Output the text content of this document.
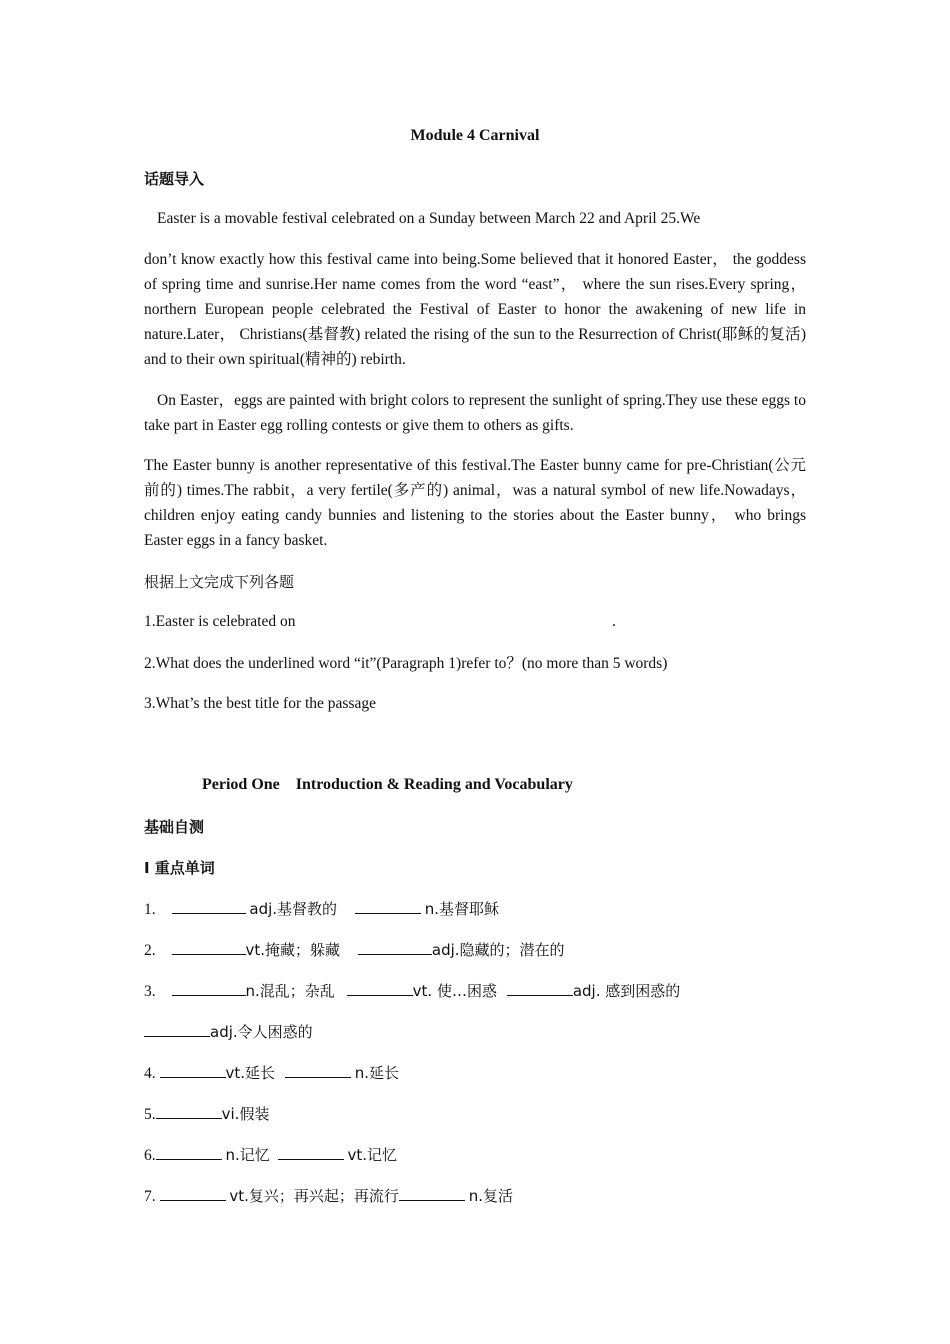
Module 4 Carnival
话题导入
Easter is a movable festival celebrated on a Sunday between March 22 and April 25.We
don’t know exactly how this festival came into being.Some believed that it honored Easter， the goddess of spring time and sunrise.Her name comes from the word “east”， where the sun rises.Every spring， northern European people celebrated the Festival of Easter to honor the awakening of new life in nature.Later， Christians(基督教) related the rising of the sun to the Resurrection of Christ(耶稣的复活) and to their own spiritual(精神的) rebirth.
On Easter，eggs are painted with bright colors to represent the sunlight of spring.They use these eggs to take part in Easter egg rolling contests or give them to others as gifts.
The Easter bunny is another representative of this festival.The Easter bunny came for pre-Christian(公元前的) times.The rabbit，a very fertile(多产的) animal，was a natural symbol of new life.Nowadays， children enjoy eating candy bunnies and listening to the stories about the Easter bunny， who brings Easter eggs in a fancy basket.
根据上文完成下列各题
1.Easter is celebrated on	.
2.What does the underlined word “it”(Paragraph 1)refer to？(no more than 5 words)
3.What’s the best title for the passage
Period One    Introduction & Reading and Vocabulary
基础自测
I 重点单词
1.	adj.基督教的	n.基督耶稣
2.	vt.掩藏；躲藏	adj.隐藏的；潜在的
3.	n.混乱；杂乱	vt. 使…困惑	adj. 感到困惑的
adj.令人困惑的
4.	vt.延长	n.延长
5.	vi.假装
6.	n.记忆	vt.记忆
7.	vt.复兴；再兴起；再流行	n.复活
